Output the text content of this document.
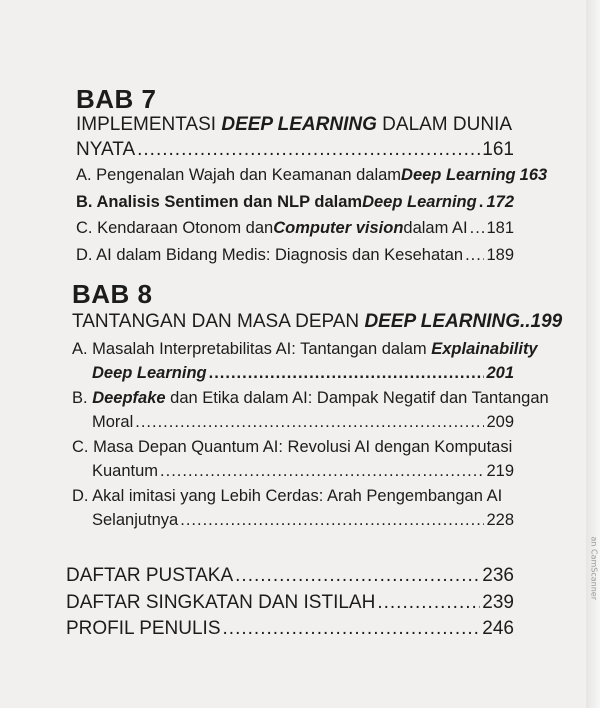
BAB 7
IMPLEMENTASI DEEP LEARNING DALAM DUNIA
NYATA .....	161
A. Pengenalan Wajah dan Keamanan dalam Deep Learning 163
B. Analisis Sentimen dan NLP dalam Deep Learning ..... 172
C. Kendaraan Otonom dan Computer vision dalam AI ..... 181
D. AI dalam Bidang Medis: Diagnosis dan Kesehatan ..... 189
BAB 8
TANTANGAN DAN MASA DEPAN DEEP LEARNING..199
A. Masalah Interpretabilitas AI: Tantangan dalam Explainability
Deep Learning .....	201
B. Deepfake dan Etika dalam AI: Dampak Negatif dan Tantangan
Moral .....	209
C. Masa Depan Quantum AI: Revolusi AI dengan Komputasi
Kuantum .....	219
D. Akal imitasi yang Lebih Cerdas: Arah Pengembangan AI
Selanjutnya .....	228
DAFTAR PUSTAKA .....	236
DAFTAR SINGKATAN DAN ISTILAH .....	239
PROFIL PENULIS .....	246
an CamScanner
